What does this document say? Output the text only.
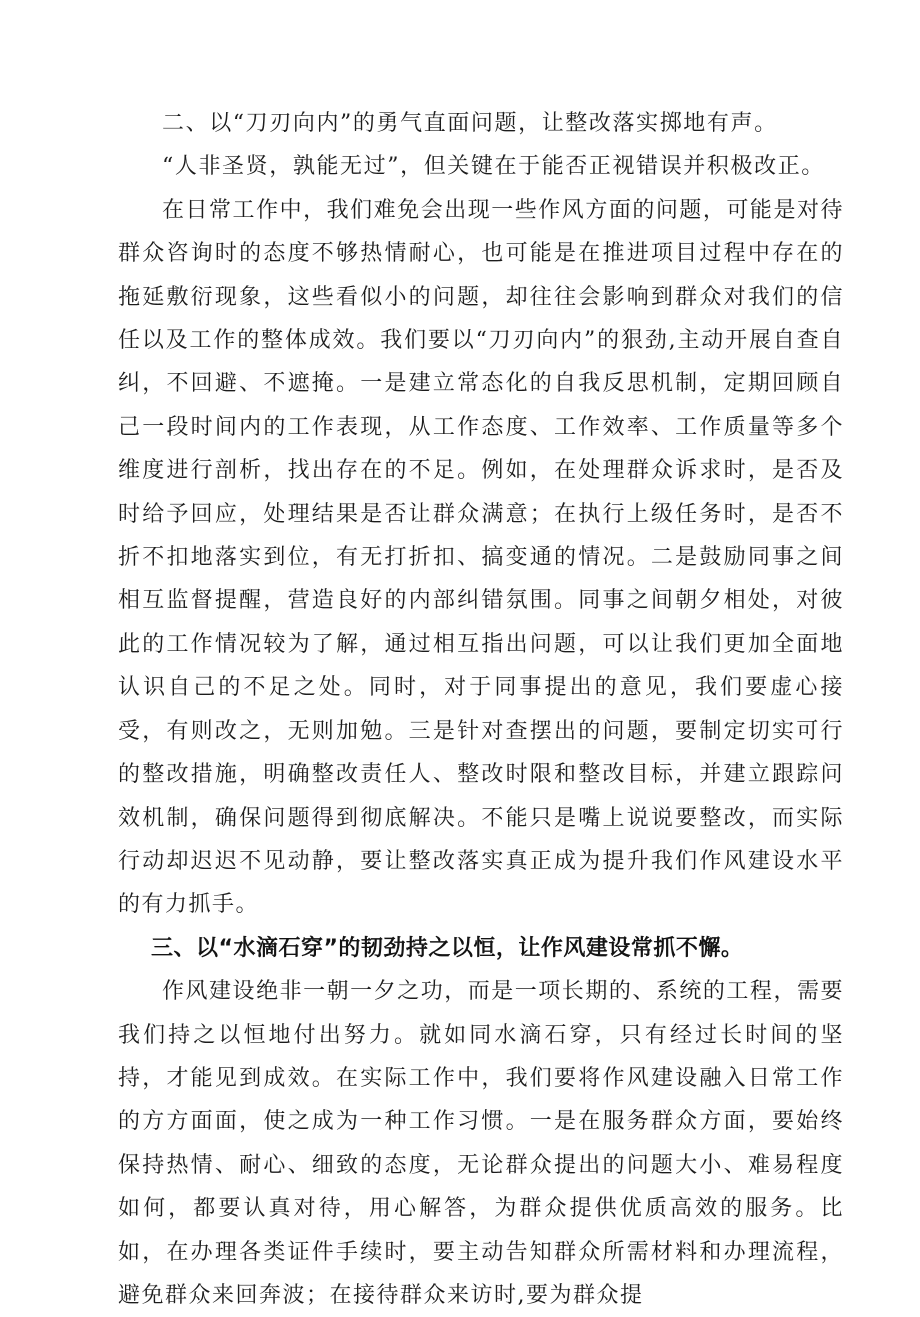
二、以“刀刃向内”的勇气直面问题，让整改落实掷地有声。

“人非圣贤，孰能无过”，但关键在于能否正视错误并积极改正。

在日常工作中，我们难免会出现一些作风方面的问题，可能是对待群众咨询时的态度不够热情耐心，也可能是在推进项目过程中存在的拖延敷衍现象，这些看似小的问题，却往往会影响到群众对我们的信任以及工作的整体成效。我们要以“刀刃向内”的狠劲,主动开展自查自纠，不回避、不遮掩。一是建立常态化的自我反思机制，定期回顾自己一段时间内的工作表现，从工作态度、工作效率、工作质量等多个维度进行剖析，找出存在的不足。例如，在处理群众诉求时，是否及时给予回应，处理结果是否让群众满意；在执行上级任务时，是否不折不扣地落实到位，有无打折扣、搞变通的情况。二是鼓励同事之间相互监督提醒，营造良好的内部纠错氛围。同事之间朝夕相处，对彼此的工作情况较为了解，通过相互指出问题，可以让我们更加全面地认识自己的不足之处。同时，对于同事提出的意见，我们要虚心接受，有则改之，无则加勉。三是针对查摆出的问题，要制定切实可行的整改措施，明确整改责任人、整改时限和整改目标，并建立跟踪问效机制，确保问题得到彻底解决。不能只是嘴上说说要整改，而实际行动却迟迟不见动静，要让整改落实真正成为提升我们作风建设水平的有力抓手。

三、以“水滴石穿”的韧劲持之以恒，让作风建设常抓不懈。

作风建设绝非一朝一夕之功，而是一项长期的、系统的工程，需要我们持之以恒地付出努力。就如同水滴石穿，只有经过长时间的坚持，才能见到成效。在实际工作中，我们要将作风建设融入日常工作的方方面面，使之成为一种工作习惯。一是在服务群众方面，要始终保持热情、耐心、细致的态度，无论群众提出的问题大小、难易程度如何，都要认真对待，用心解答，为群众提供优质高效的服务。比如，在办理各类证件手续时，要主动告知群众所需材料和办理流程，避免群众来回奔波；在接待群众来访时,要为群众提
